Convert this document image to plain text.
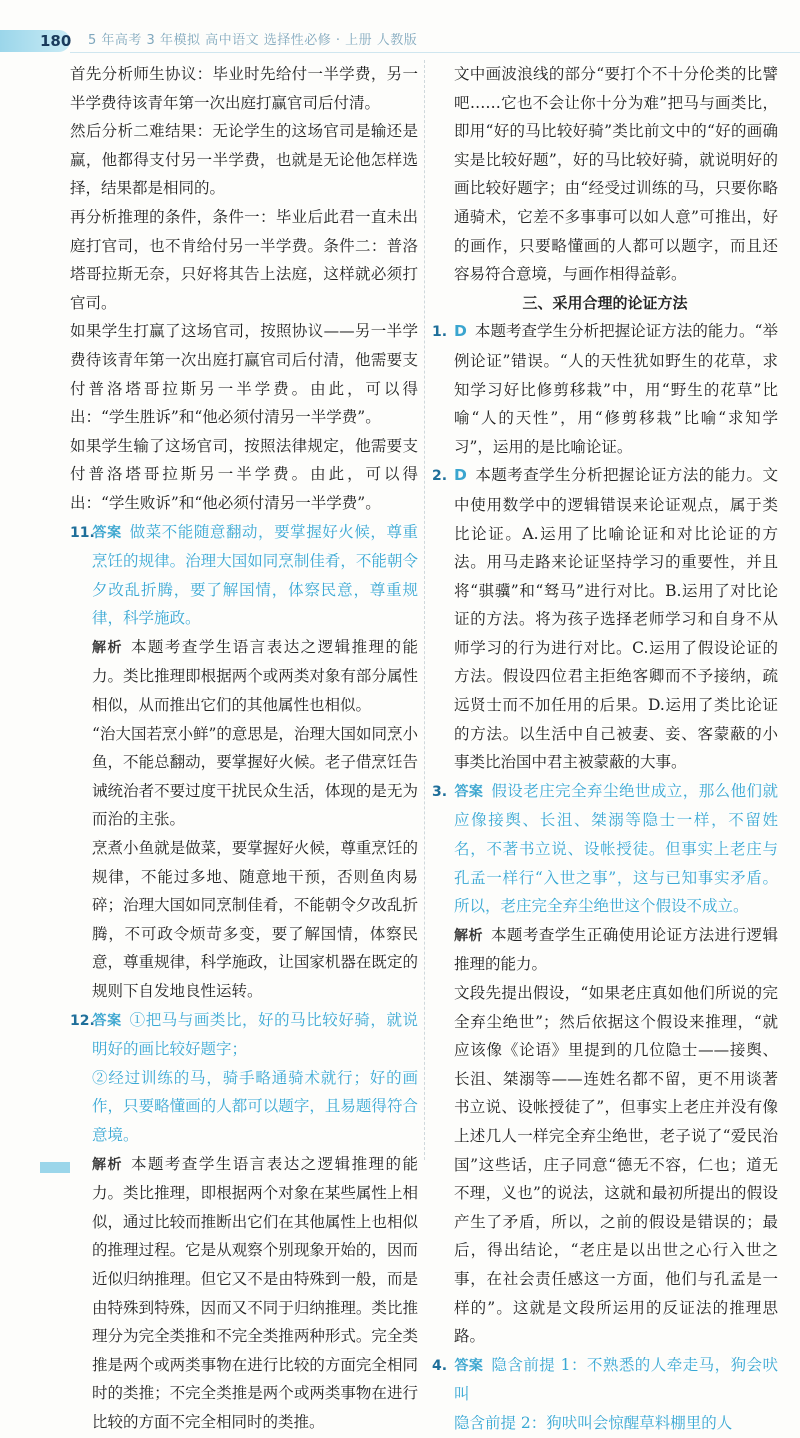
180 5 年高考 3 年模拟 高中语文 选择性必修 · 上册 人教版
首先分析师生协议：毕业时先给付一半学费，另一半学费待该青年第一次出庭打赢官司后付清。
然后分析二难结果：无论学生的这场官司是输还是赢，他都得支付另一半学费，也就是无论他怎样选择，结果都是相同的。
再分析推理的条件，条件一：毕业后此君一直未出庭打官司，也不肯给付另一半学费。条件二：普洛塔哥拉斯无奈，只好将其告上法庭，这样就必须打官司。
如果学生打赢了这场官司，按照协议——另一半学费待该青年第一次出庭打赢官司后付清，他需要支付普洛塔哥拉斯另一半学费。由此，可以得出：“学生胜诉”和“他必须付清另一半学费”。
如果学生输了这场官司，按照法律规定，他需要支付普洛塔哥拉斯另一半学费。由此，可以得出：“学生败诉”和“他必须付清另一半学费”。
11.答案 做菜不能随意翻动，要掌握好火候，尊重烹饪的规律。治理大国如同烹制佳肴，不能朝令夕改乱折腾，要了解国情，体察民意，尊重规律，科学施政。
解析 本题考查学生语言表达之逻辑推理的能力。类比推理即根据两个或两类对象有部分属性相似，从而推出它们的其他属性也相似。
“治大国若烹小鲜”的意思是，治理大国如同烹小鱼，不能总翻动，要掌握好火候。老子借烹饪告诫统治者不要过度干扰民众生活，体现的是无为而治的主张。
烹煮小鱼就是做菜，要掌握好火候，尊重烹饪的规律，不能过多地、随意地干预，否则鱼肉易碎；治理大国如同烹制佳肴，不能朝令夕改乱折腾，不可政令烦苛多变，要了解国情，体察民意，尊重规律，科学施政，让国家机器在既定的规则下自发地良性运转。
12.答案 ①把马与画类比，好的马比较好骑，就说明好的画比较好题字；
②经过训练的马，骑手略通骑术就行；好的画作，只要略懂画的人都可以题字，且易题得符合意境。
解析 本题考查学生语言表达之逻辑推理的能力。类比推理，即根据两个对象在某些属性上相似，通过比较而推断出它们在其他属性上也相似的推理过程。它是从观察个别现象开始的，因而近似归纳推理。但它又不是由特殊到一般，而是由特殊到特殊，因而又不同于归纳推理。类比推理分为完全类推和不完全类推两种形式。完全类推是两个或两类事物在进行比较的方面完全相同时的类推；不完全类推是两个或两类事物在进行比较的方面不完全相同时的类推。
文中画波浪线的部分“要打个不十分伦类的比譬吧……它也不会让你十分为难”把马与画类比，即用“好的马比较好骑”类比前文中的“好的画确实是比较好题”，好的马比较好骑，就说明好的画比较好题字；由“经受过训练的马，只要你略通骑术，它差不多事事可以如人意”可推出，好的画作，只要略懂画的人都可以题字，而且还容易符合意境，与画作相得益彰。
三、采用合理的论证方法
1. D 本题考查学生分析把握论证方法的能力。“举例论证”错误。“人的天性犹如野生的花草，求知学习好比修剪移栽”中，用“野生的花草”比喻“人的天性”，用“修剪移栽”比喻“求知学习”，运用的是比喻论证。
2. D 本题考查学生分析把握论证方法的能力。文中使用数学中的逻辑错误来论证观点，属于类比论证。A.运用了比喻论证和对比论证的方法。用马走路来论证坚持学习的重要性，并且将“骐骥”和“驽马”进行对比。B.运用了对比论证的方法。将为孩子选择老师学习和自身不从师学习的行为进行对比。C.运用了假设论证的方法。假设四位君主拒绝客卿而不予接纳，疏远贤士而不加任用的后果。D.运用了类比论证的方法。以生活中自己被妻、妾、客蒙蔽的小事类比治国中君主被蒙蔽的大事。
3. 答案 假设老庄完全弃尘绝世成立，那么他们就应像接舆、长沮、桀溺等隐士一样，不留姓名，不著书立说、设帐授徒。但事实上老庄与孔孟一样行“入世之事”，这与已知事实矛盾。所以，老庄完全弃尘绝世这个假设不成立。
解析 本题考查学生正确使用论证方法进行逻辑推理的能力。
文段先提出假设，“如果老庄真如他们所说的完全弃尘绝世”；然后依据这个假设来推理，“就应该像《论语》里提到的几位隐士——接舆、长沮、桀溺等——连姓名都不留，更不用谈著书立说、设帐授徒了”，但事实上老庄并没有像上述几人一样完全弃尘绝世，老子说了“爱民治国”这些话，庄子同意“德无不容，仁也；道无不理，义也”的说法，这就和最初所提出的假设产生了矛盾，所以，之前的假设是错误的；最后，得出结论，“老庄是以出世之心行入世之事，在社会责任感这一方面，他们与孔孟是一样的”。这就是文段所运用的反证法的推理思路。
4. 答案 隐含前提 1：不熟悉的人牵走马，狗会吠叫
隐含前提 2：狗吠叫会惊醒草料棚里的人
